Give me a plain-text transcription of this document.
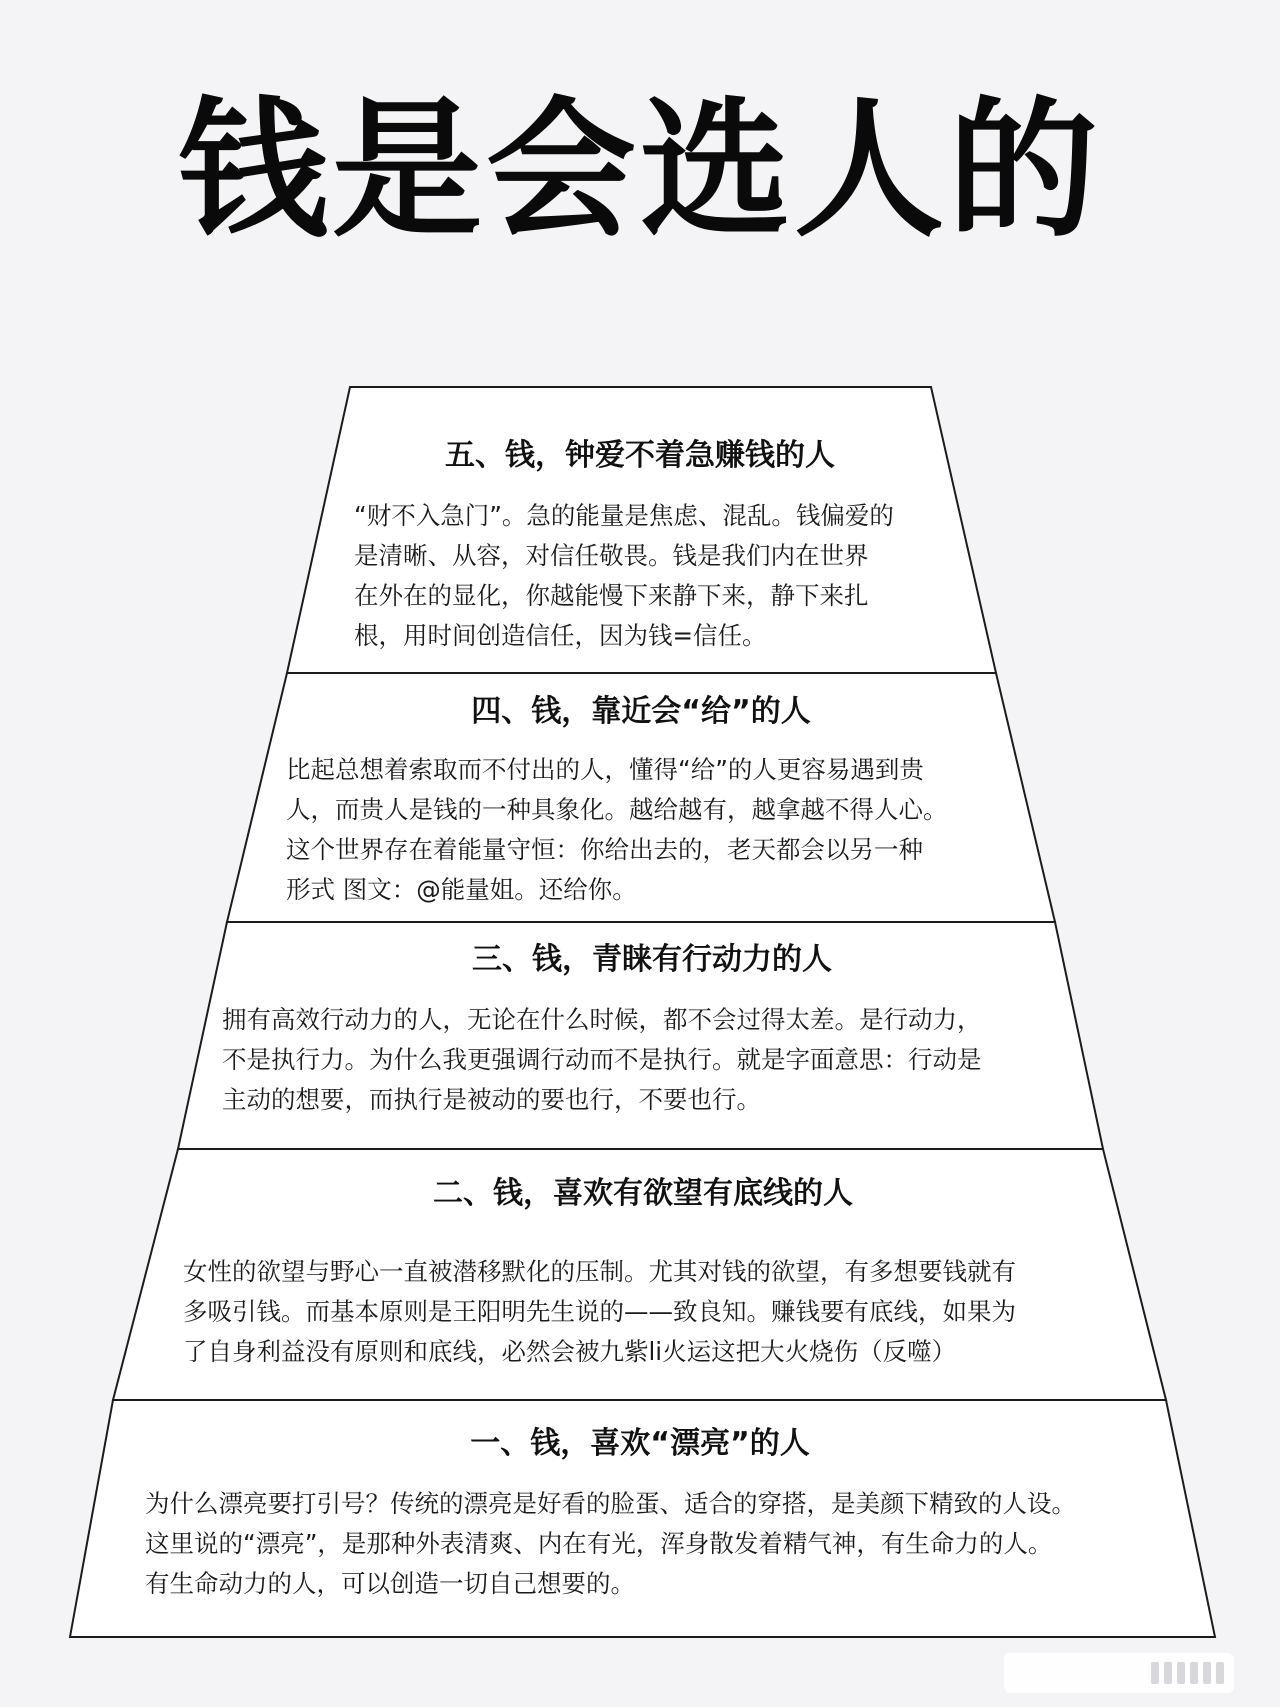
钱是会选人的
五、钱，钟爱不着急赚钱的人
“财不入急门”。急的能量是焦虑、混乱。钱偏爱的
是清晰、从容，对信任敬畏。钱是我们内在世界
在外在的显化，你越能慢下来静下来，静下来扎
根，用时间创造信任，因为钱=信任。
四、钱，靠近会“给”的人
比起总想着索取而不付出的人，懂得“给”的人更容易遇到贵
人，而贵人是钱的一种具象化。越给越有，越拿越不得人心。
这个世界存在着能量守恒：你给出去的，老天都会以另一种
形式 图文：@能量姐。还给你。
三、钱，青睐有行动力的人
拥有高效行动力的人，无论在什么时候，都不会过得太差。是行动力，
不是执行力。为什么我更强调行动而不是执行。就是字面意思：行动是
主动的想要，而执行是被动的要也行，不要也行。
二、钱，喜欢有欲望有底线的人
女性的欲望与野心一直被潜移默化的压制。尤其对钱的欲望，有多想要钱就有
多吸引钱。而基本原则是王阳明先生说的——致良知。赚钱要有底线，如果为
了自身利益没有原则和底线，必然会被九紫li火运这把大火烧伤（反噬）
一、钱，喜欢“漂亮”的人
为什么漂亮要打引号？传统的漂亮是好看的脸蛋、适合的穿搭，是美颜下精致的人设。
这里说的“漂亮”，是那种外表清爽、内在有光，浑身散发着精气神，有生命力的人。
有生命动力的人，可以创造一切自己想要的。
